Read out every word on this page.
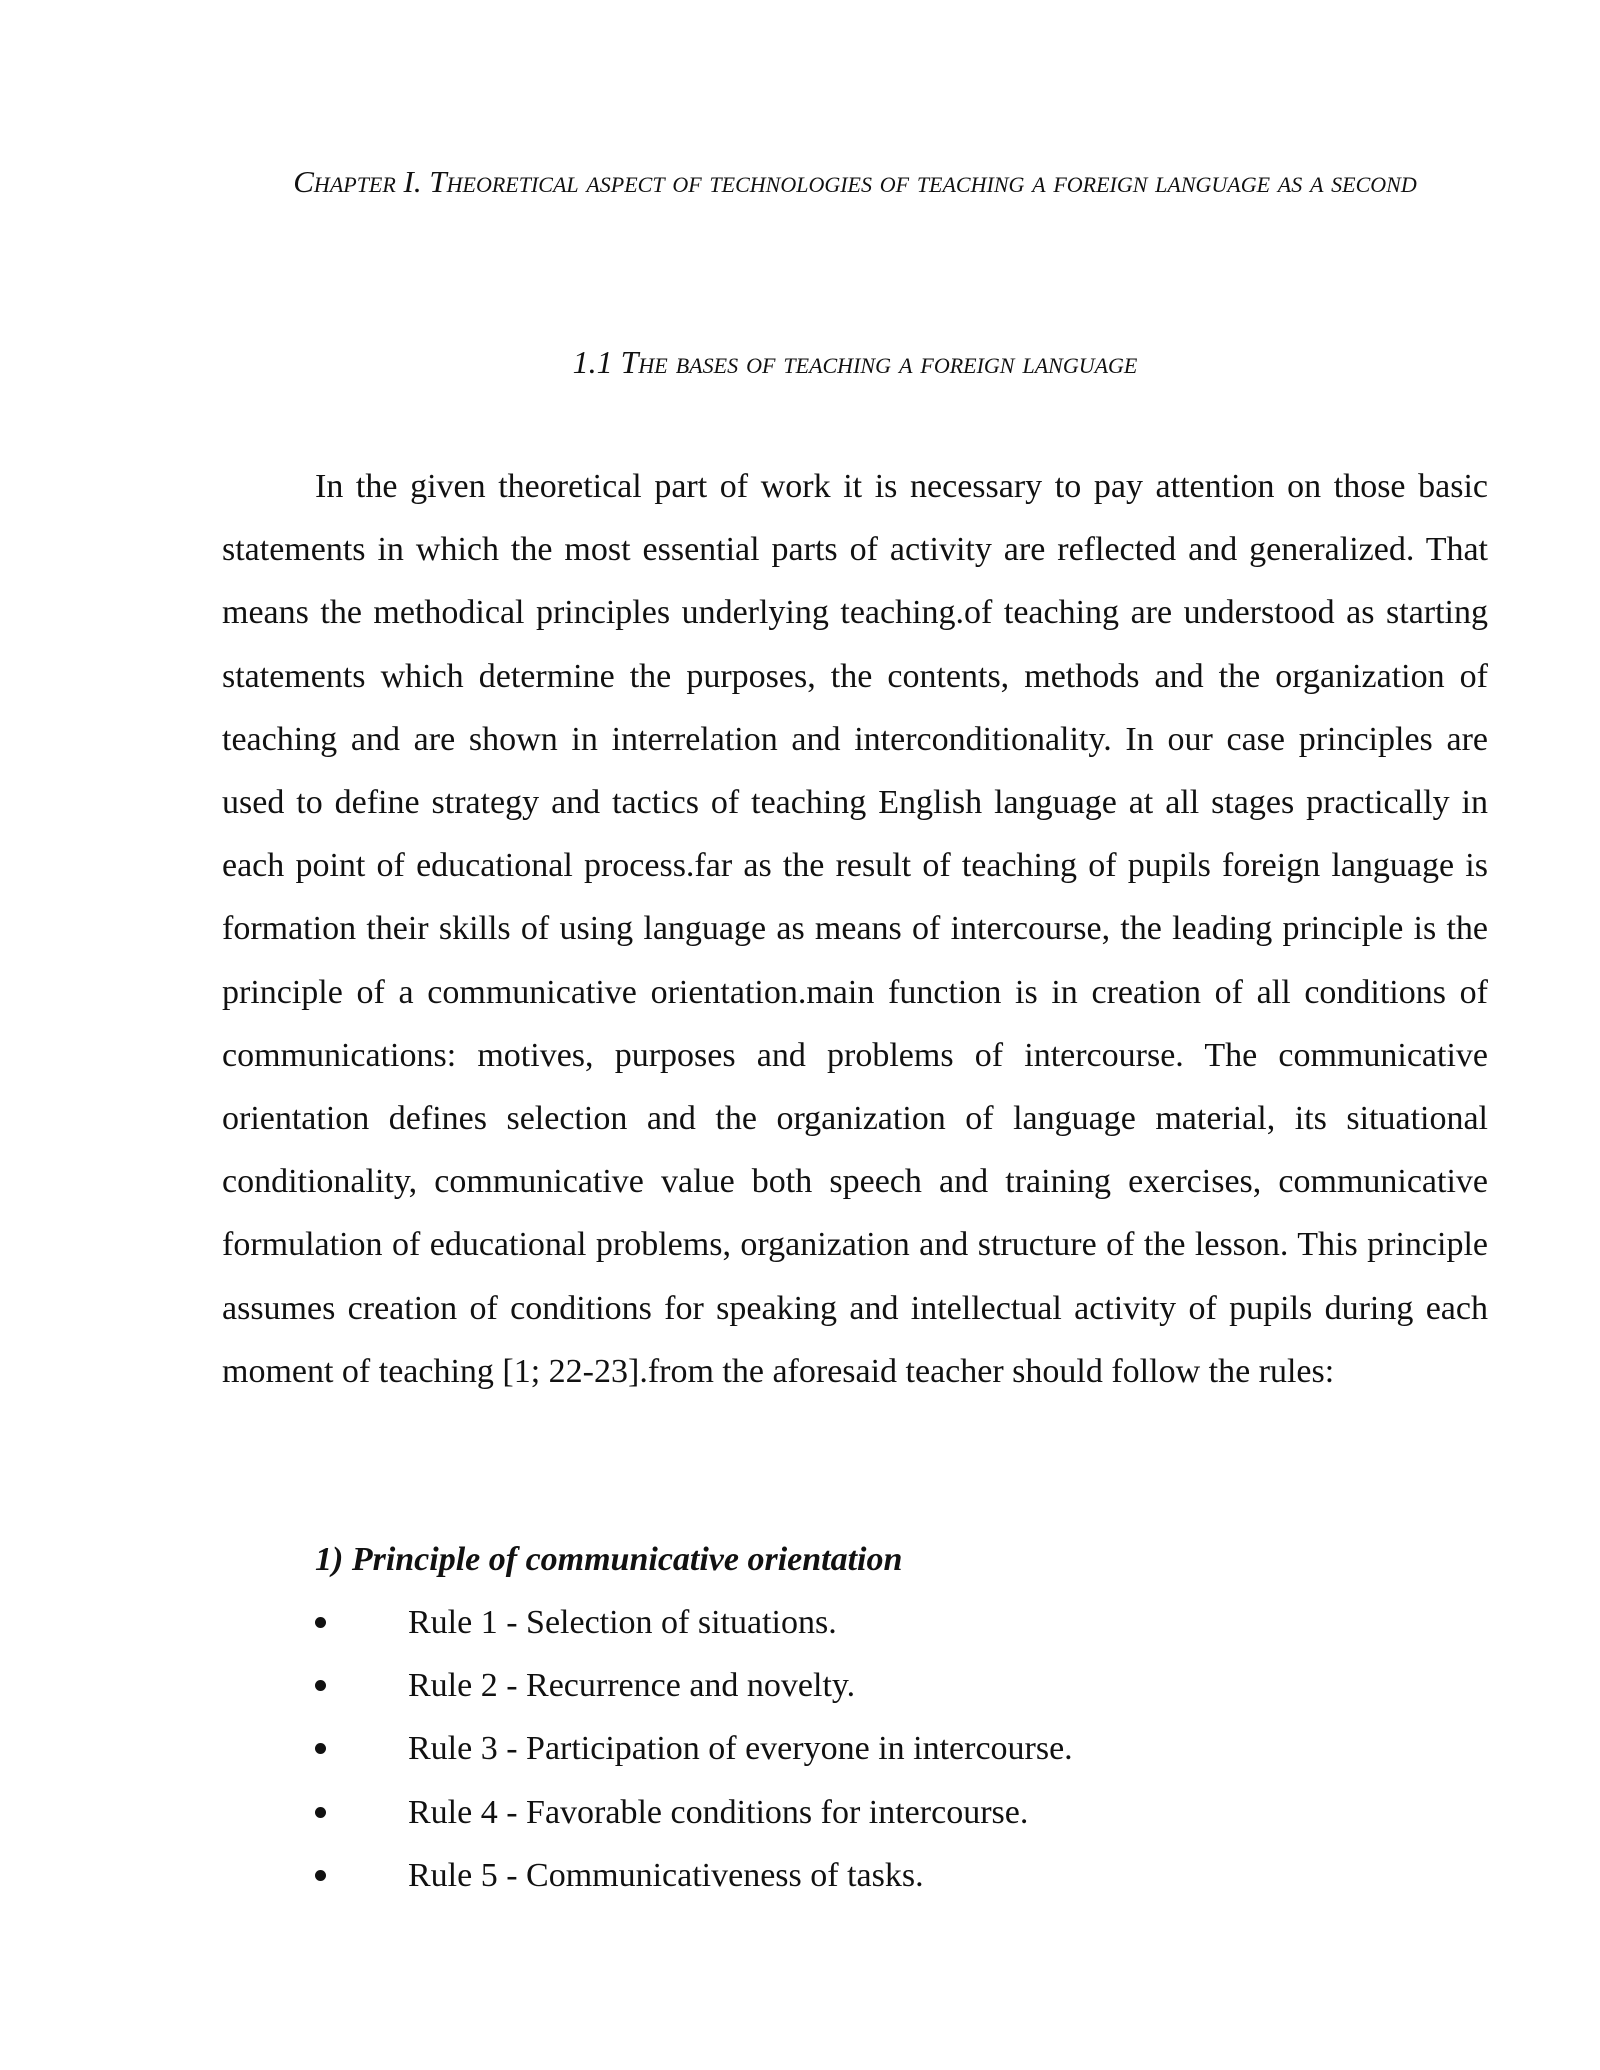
Chapter I. Theoretical aspect of technologies of teaching a foreign language as a second
1.1 The bases of teaching a foreign language

In the given theoretical part of work it is necessary to pay attention on those basic statements in which the most essential parts of activity are reflected and generalized. That means the methodical principles underlying teaching.of teaching are understood as starting statements which determine the purposes, the contents, methods and the organization of teaching and are shown in interrelation and interconditionality. In our case principles are used to define strategy and tactics of teaching English language at all stages practically in each point of educational process.far as the result of teaching of pupils foreign language is formation their skills of using language as means of intercourse, the leading principle is the principle of a communicative orientation.main function is in creation of all conditions of communications: motives, purposes and problems of intercourse. The communicative orientation defines selection and the organization of language material, its situational conditionality, communicative value both speech and training exercises, communicative formulation of educational problems, organization and structure of the lesson. This principle assumes creation of conditions for speaking and intellectual activity of pupils during each moment of teaching [1; 22-23].from the aforesaid teacher should follow the rules:

1) Principle of communicative orientation

Rule 1 - Selection of situations.
Rule 2 - Recurrence and novelty.
Rule 3 - Participation of everyone in intercourse.
Rule 4 - Favorable conditions for intercourse.
Rule 5 - Communicativeness of tasks.
